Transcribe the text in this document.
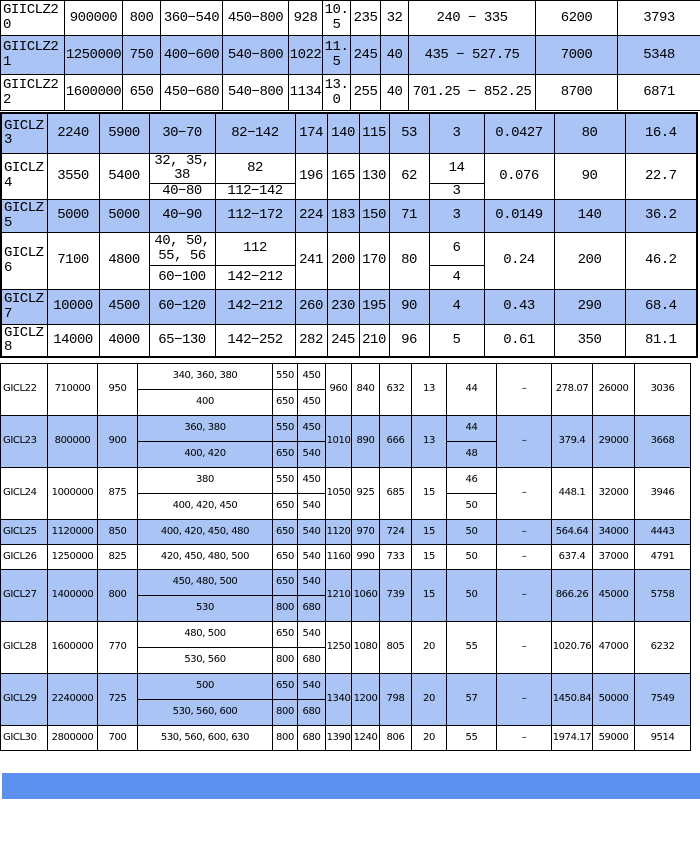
GIICLZ20	900000	800	360−540	450−800	928	10.5	235	32	240 − 335	6200	3793
GIICLZ21	1250000	750	400−600	540−800	1022	11.5	245	40	435 − 527.75	7000	5348
GIICLZ22	1600000	650	450−680	540−800	1134	13.0	255	40	701.25 − 852.25	8700	6871
GICLZ3	2240	5900	30−70	82−142	174	140	115	53	3	0.0427	80	16.4
GICLZ4	3550	5400	32, 35, 38	82	196	165	130	62	14	0.076	90	22.7
			40−80	112−142					3			
GICLZ5	5000	5000	40−90	112−172	224	183	150	71	3	0.0149	140	36.2
GICLZ6	7100	4800	40, 50, 55, 56	112	241	200	170	80	6	0.24	200	46.2
			60−100	142−212					4			
GICLZ7	10000	4500	60−120	142−212	260	230	195	90	4	0.43	290	68.4
GICLZ8	14000	4000	65−130	142−252	282	245	210	96	5	0.61	350	81.1
GICL22	710000	950	340, 360, 380	550	450	960	840	632	13	44	–	278.07	26000	3036
			400	650	450									
GICL23	800000	900	360, 380	550	450	1010	890	666	13	44	–	379.4	29000	3668
			400, 420	650	540					48				
GICL24	1000000	875	380	550	450	1050	925	685	15	46	–	448.1	32000	3946
			400, 420, 450	650	540					50				
GICL25	1120000	850	400, 420, 450, 480	650	540	1120	970	724	15	50	–	564.64	34000	4443
GICL26	1250000	825	420, 450, 480, 500	650	540	1160	990	733	15	50	–	637.4	37000	4791
GICL27	1400000	800	450, 480, 500	650	540	1210	1060	739	15	50	–	866.26	45000	5758
			530	800	680									
GICL28	1600000	770	480, 500	650	540	1250	1080	805	20	55	–	1020.76	47000	6232
			530, 560	800	680									
GICL29	2240000	725	500	650	540	1340	1200	798	20	57	–	1450.84	50000	7549
			530, 560, 600	800	680									
GICL30	2800000	700	530, 560, 600, 630	800	680	1390	1240	806	20	55	–	1974.17	59000	9514
